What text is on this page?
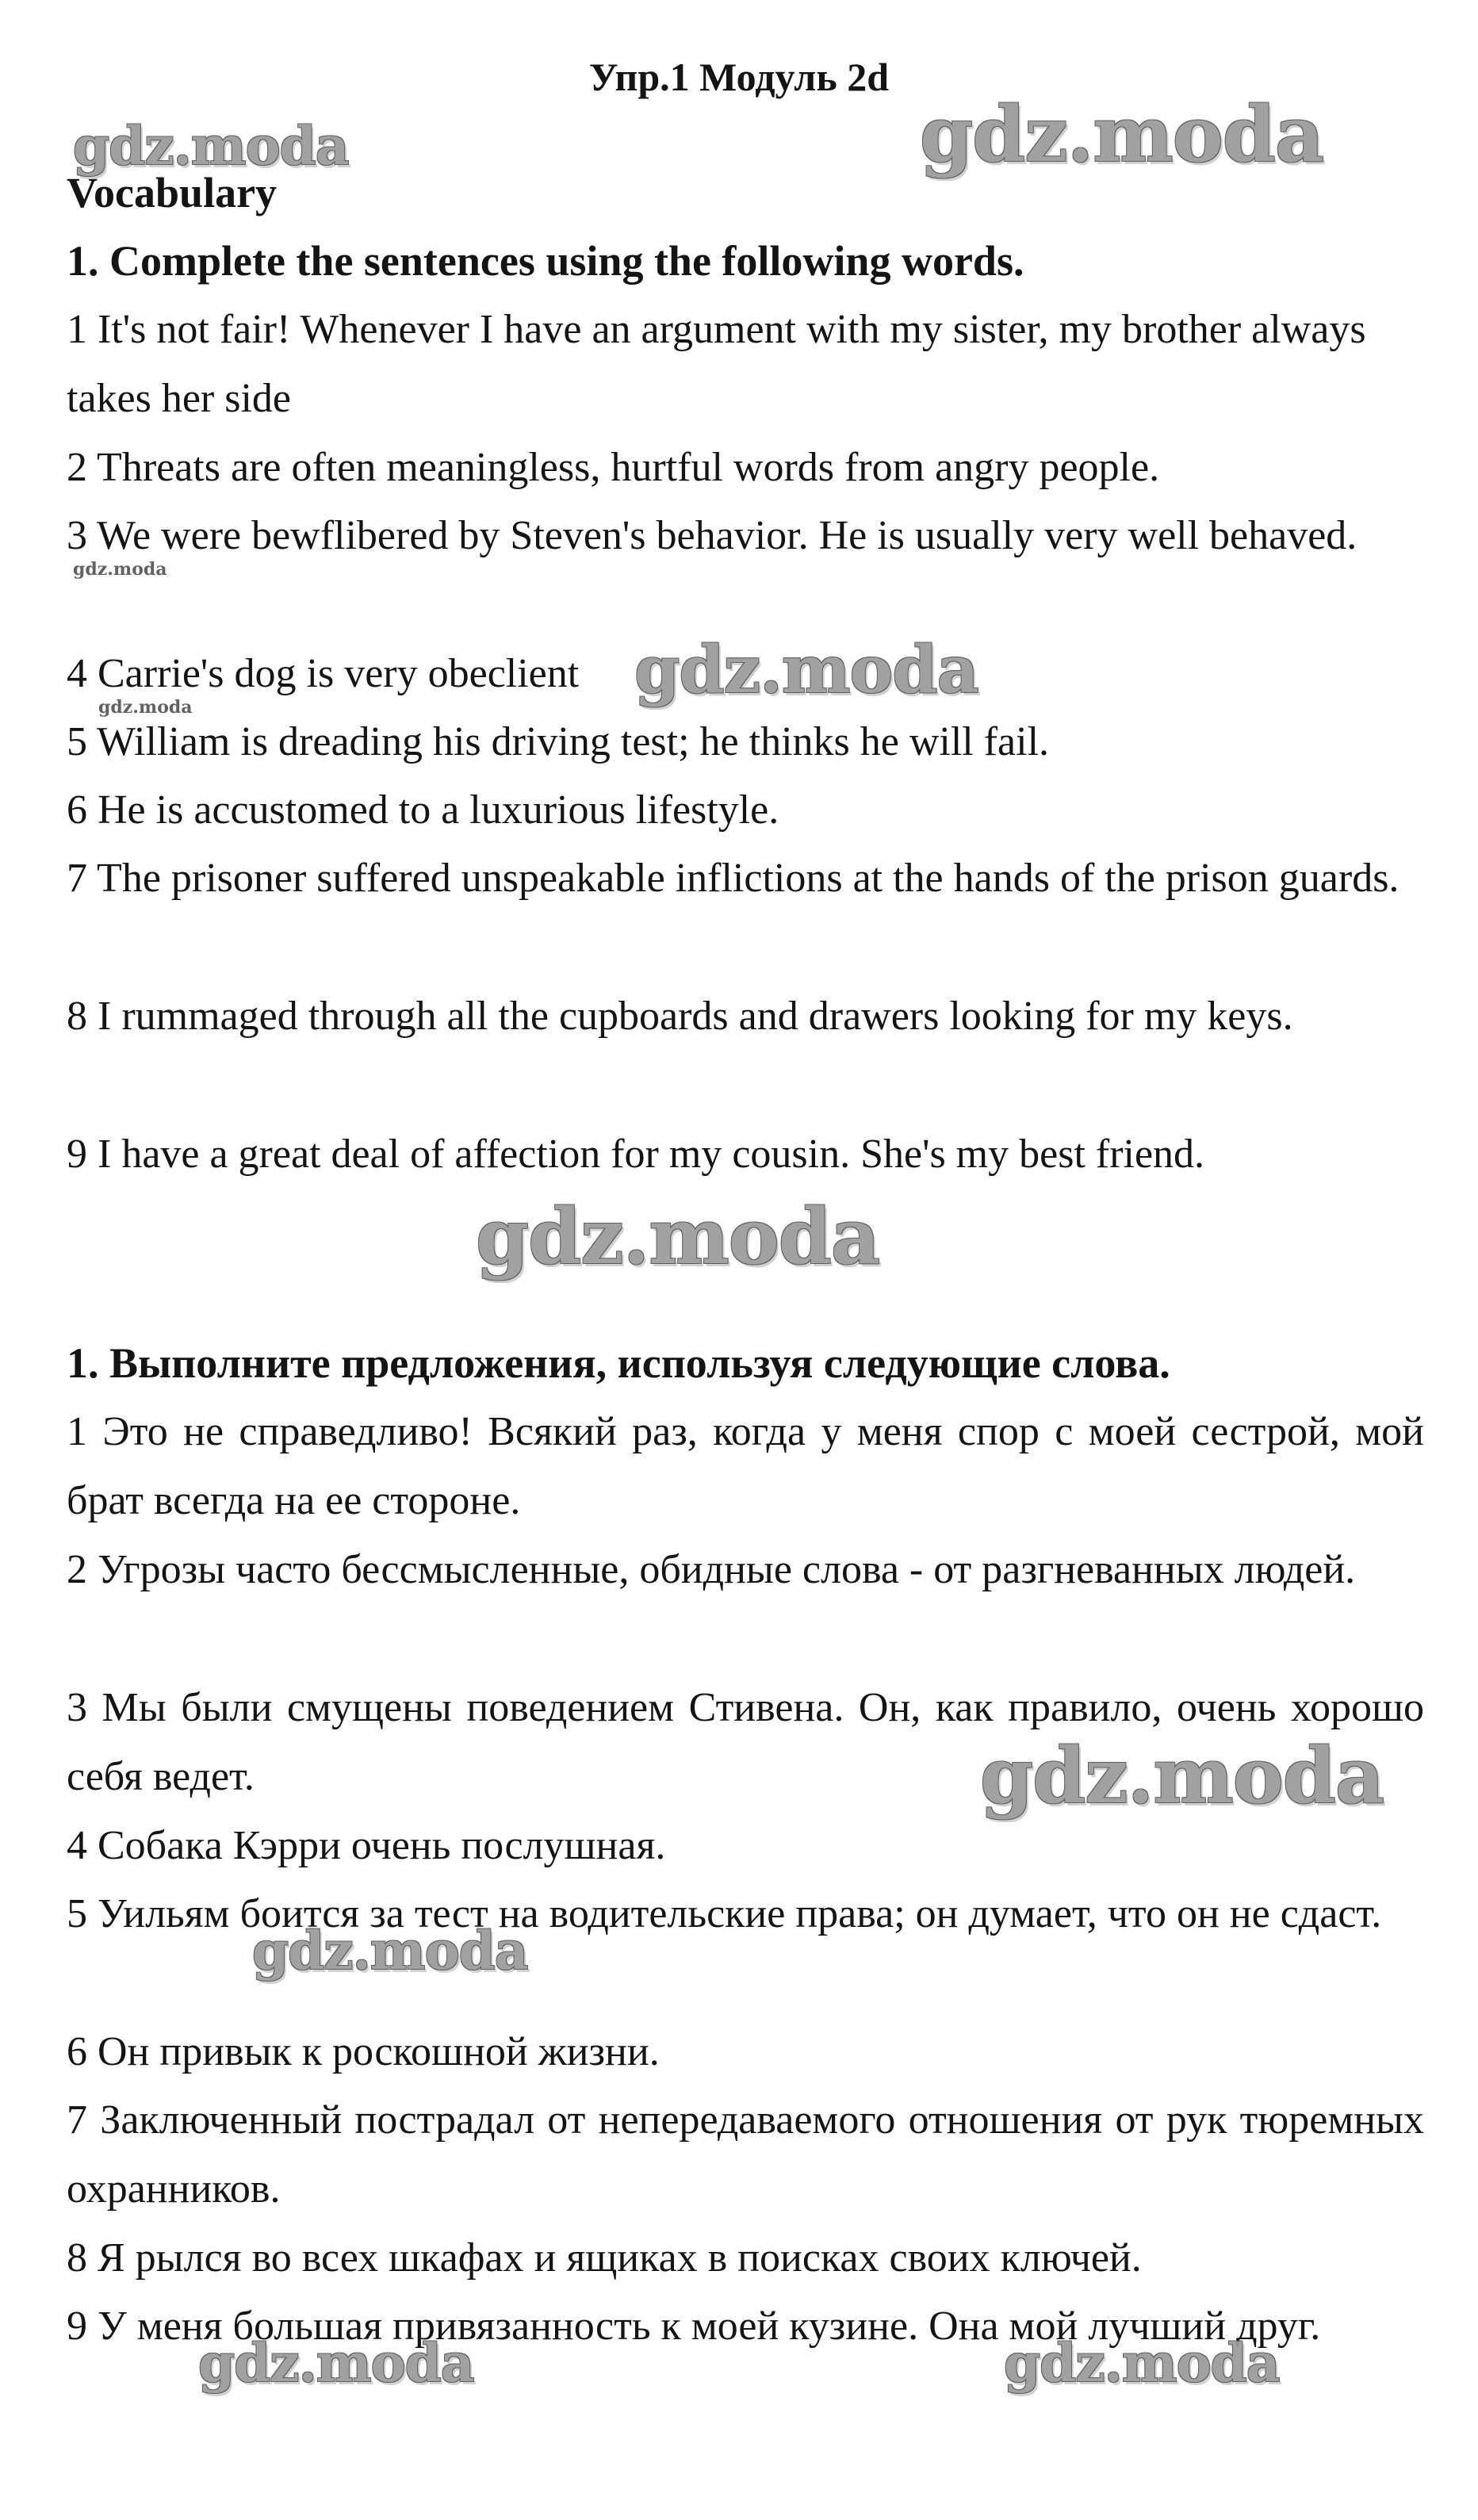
Упр.1 Модуль 2d
Vocabulary
1. Complete the sentences using the following words.

1 It's not fair! Whenever I have an argument with my sister, my brother always takes her side

2 Threats are often meaningless, hurtful words from angry people.

3 We were bewflibered by Steven's behavior. He is usually very well behaved.

4 Carrie's dog is very obeclient

5 William is dreading his driving test; he thinks he will fail.

6 He is accustomed to a luxurious lifestyle.

7 The prisoner suffered unspeakable inflictions at the hands of the prison guards.

8 I rummaged through all the cupboards and drawers looking for my keys.

9 I have a great deal of affection for my cousin. She's my best friend.

1. Выполните предложения, используя следующие слова.

1 Это не справедливо! Всякий раз, когда у меня спор с моей сестрой, мой брат всегда на ее стороне.

2 Угрозы часто бессмысленные, обидные слова - от разгневанных людей.

3 Мы были смущены поведением Стивена. Он, как правило, очень хорошо себя ведет.

4 Собака Кэрри очень послушная.

5 Уильям боится за тест на водительские права; он думает, что он не сдаст.

6 Он привык к роскошной жизни.

7 Заключенный пострадал от непередаваемого отношения от рук тюремных охранников.

8 Я рылся во всех шкафах и ящиках в поисках своих ключей.

9 У меня большая привязанность к моей кузине. Она мой лучший друг.

gdz.moda	gdz.moda
gdz.moda
gdz.moda
gdz.moda
gdz.moda
gdz.moda
gdz.moda
gdz.moda	gdz.moda
